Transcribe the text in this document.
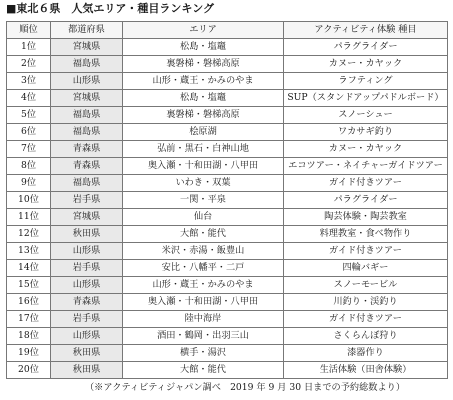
■東北６県　人気エリア・種目ランキング
順位	都道府県	エリア	アクティビティ体験 種目
1位	宮城県	松島・塩竈	パラグライダー
2位	福島県	裏磐梯・磐梯高原	カヌー・カヤック
3位	山形県	山形・蔵王・かみのやま	ラフティング
4位	宮城県	松島・塩竈	SUP（スタンドアップパドルボード）
5位	福島県	裏磐梯・磐梯高原	スノーシュー
6位	福島県	桧原湖	ワカサギ釣り
7位	青森県	弘前・黒石・白神山地	カヌー・カヤック
8位	青森県	奥入瀬・十和田湖・八甲田	エコツアー・ネイチャーガイドツアー
9位	福島県	いわき・双葉	ガイド付きツアー
10位	岩手県	一関・平泉	パラグライダー
11位	宮城県	仙台	陶芸体験・陶芸教室
12位	秋田県	大館・能代	料理教室・食べ物作り
13位	山形県	米沢・赤湯・飯豊山	ガイド付きツアー
14位	岩手県	安比・八幡平・二戸	四輪バギー
15位	山形県	山形・蔵王・かみのやま	スノーモービル
16位	青森県	奥入瀬・十和田湖・八甲田	川釣り・渓釣り
17位	岩手県	陸中海岸	ガイド付きツアー
18位	山形県	酒田・鶴岡・出羽三山	さくらんぼ狩り
19位	秋田県	横手・湯沢	漆器作り
20位	秋田県	大館・能代	生活体験（田舎体験）
（※アクティビティジャパン調べ　2019 年 9 月 30 日までの予約総数より）
